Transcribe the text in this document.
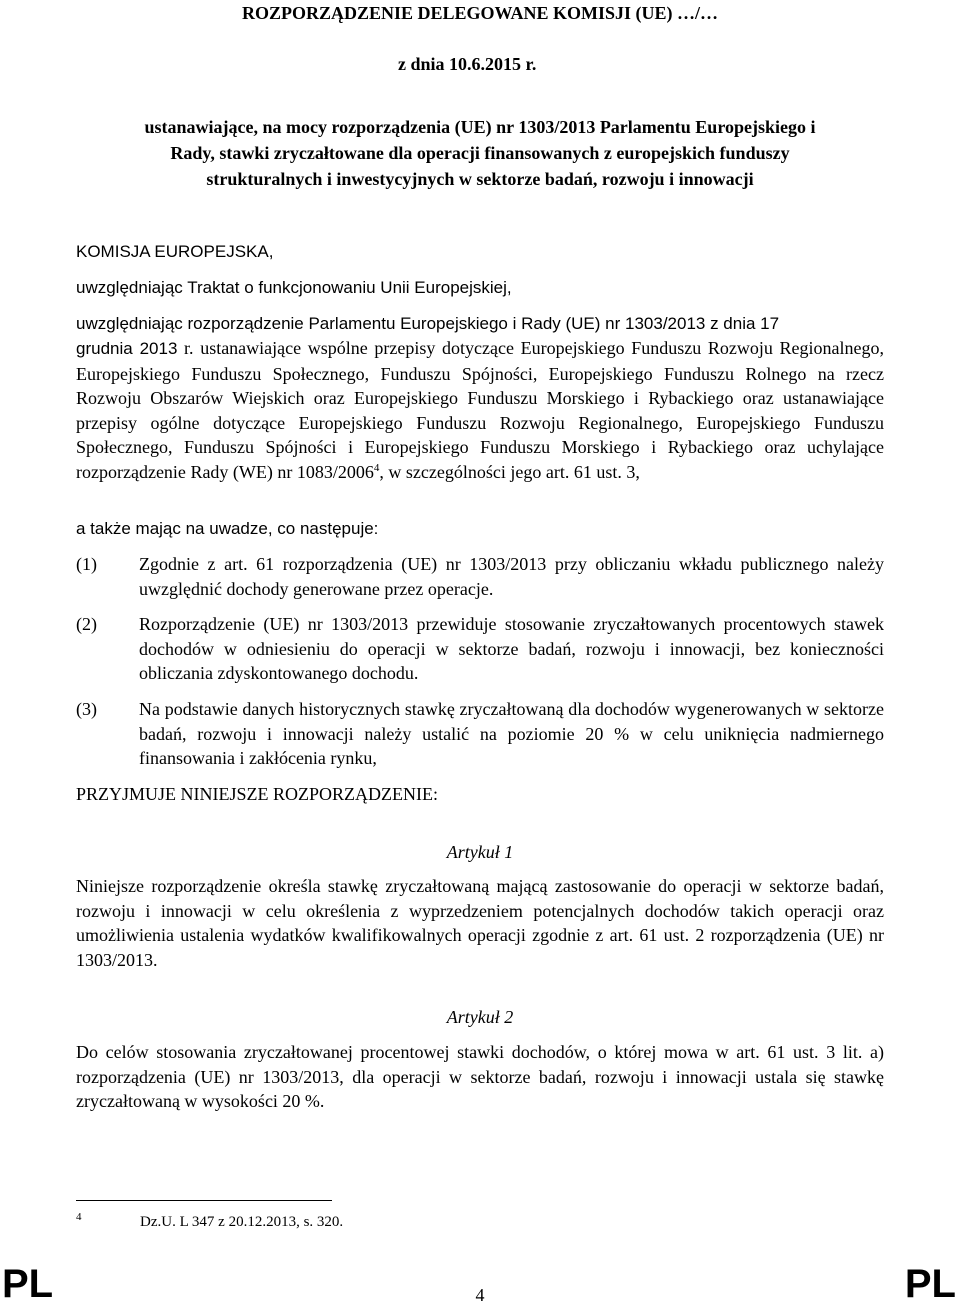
ROZPORZĄDZENIE DELEGOWANE KOMISJI (UE) …/…
z dnia 10.6.2015 r.
ustanawiające, na mocy rozporządzenia (UE) nr 1303/2013 Parlamentu Europejskiego i
Rady, stawki zryczałtowane dla operacji finansowanych z europejskich funduszy
strukturalnych i inwestycyjnych w sektorze badań, rozwoju i innowacji
KOMISJA EUROPEJSKA,
uwzględniając Traktat o funkcjonowaniu Unii Europejskiej,
uwzględniając rozporządzenie Parlamentu Europejskiego i Rady (UE) nr 1303/2013 z dnia 17
grudnia 2013 r. ustanawiające wspólne przepisy dotyczące Europejskiego Funduszu Rozwoju Regionalnego, Europejskiego Funduszu Społecznego, Funduszu Spójności, Europejskiego Funduszu Rolnego na rzecz Rozwoju Obszarów Wiejskich oraz Europejskiego Funduszu Morskiego i Rybackiego oraz ustanawiające przepisy ogólne dotyczące Europejskiego Funduszu Rozwoju Regionalnego, Europejskiego Funduszu Społecznego, Funduszu Spójności i Europejskiego Funduszu Morskiego i Rybackiego oraz uchylające rozporządzenie Rady (WE) nr 1083/2006$^4$, w szczególności jego art. 61 ust. 3,
a także mając na uwadze, co następuje:
(1) Zgodnie z art. 61 rozporządzenia (UE) nr 1303/2013 przy obliczaniu wkładu publicznego należy uwzględnić dochody generowane przez operacje.
(2) Rozporządzenie (UE) nr 1303/2013 przewiduje stosowanie zryczałtowanych procentowych stawek dochodów w odniesieniu do operacji w sektorze badań, rozwoju i innowacji, bez konieczności obliczania zdyskontowanego dochodu.
(3) Na podstawie danych historycznych stawkę zryczałtowaną dla dochodów wygenerowanych w sektorze badań, rozwoju i innowacji należy ustalić na poziomie 20 % w celu uniknięcia nadmiernego finansowania i zakłócenia rynku,
PRZYJMUJE NINIEJSZE ROZPORZĄDZENIE:
Artykuł 1
Niniejsze rozporządzenie określa stawkę zryczałtowaną mającą zastosowanie do operacji w sektorze badań, rozwoju i innowacji w celu określenia z wyprzedzeniem potencjalnych dochodów takich operacji oraz umożliwienia ustalenia wydatków kwalifikowalnych operacji zgodnie z art. 61 ust. 2 rozporządzenia (UE) nr 1303/2013.
Artykuł 2
Do celów stosowania zryczałtowanej procentowej stawki dochodów, o której mowa w art. 61 ust. 3 lit. a) rozporządzenia (UE) nr 1303/2013, dla operacji w sektorze badań, rozwoju i innowacji ustala się stawkę zryczałtowaną w wysokości 20 %.
4	Dz.U. L 347 z 20.12.2013, s. 320.
PL	4	PL
